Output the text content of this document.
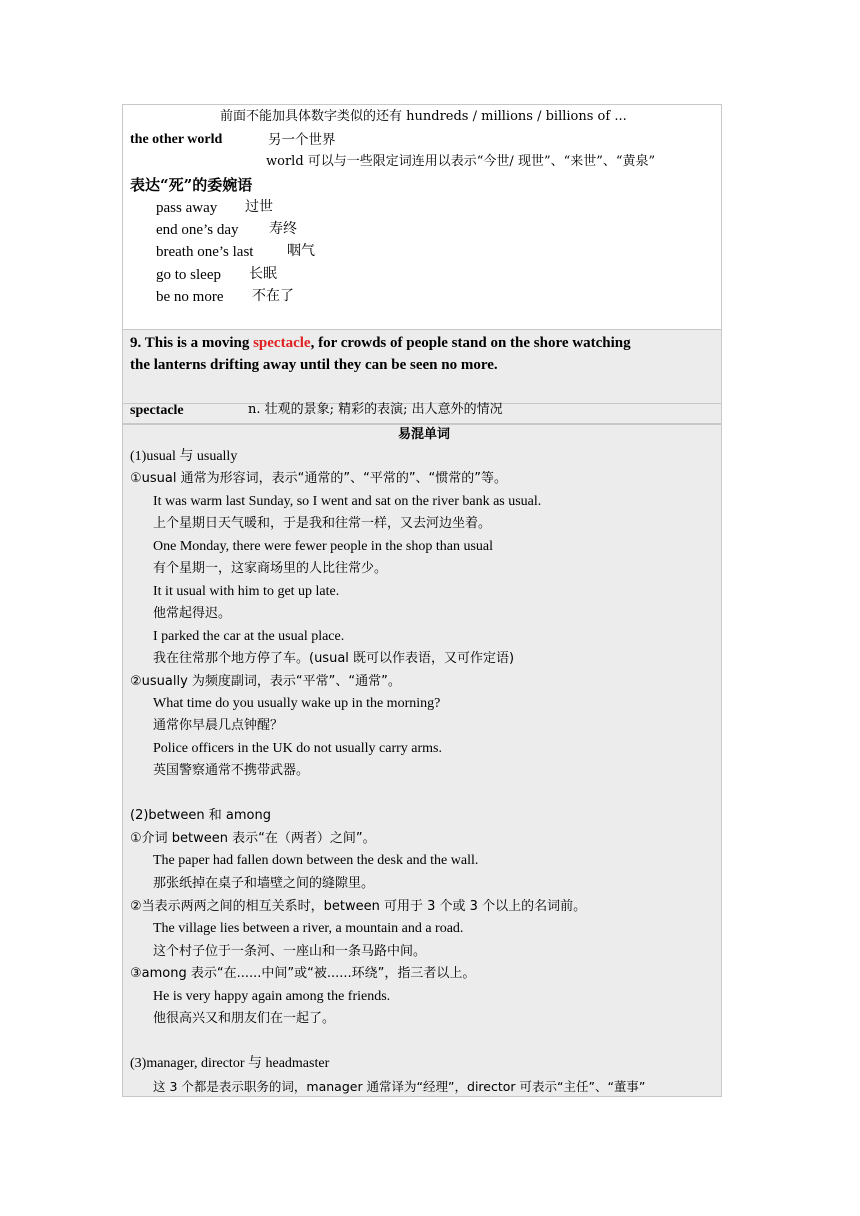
前面不能加具体数字类似的还有 hundreds / millions / billions of ...
the other world	另一个世界
world 可以与一些限定词连用以表示“今世/ 现世”、“来世”、“黄泉”
表达“死”的委婉语
pass away 过世
end one’s day 寿终
breath one’s last 咽气
go to sleep 长眠
be no more 不在了
9. This is a moving spectacle, for crowds of people stand on the shore watching
the lanterns drifting away until they can be seen no more.
spectacle	n. 壮观的景象; 精彩的表演; 出人意外的情况
易混单词
(1)usual 与 usually
①usual 通常为形容词，表示“通常的”、“平常的”、“惯常的”等。
It was warm last Sunday, so I went and sat on the river bank as usual.
上个星期日天气暖和，于是我和往常一样，又去河边坐着。
One Monday, there were fewer people in the shop than usual
有个星期一，这家商场里的人比往常少。
It it usual with him to get up late.
他常起得迟。
I parked the car at the usual place.
我在往常那个地方停了车。(usual 既可以作表语，又可作定语)
②usually 为频度副词，表示“平常”、“通常”。
What time do you usually wake up in the morning?
通常你早晨几点钟醒？
Police officers in the UK do not usually carry arms.
英国警察通常不携带武器。
(2)between 和 among
①介词 between 表示“在（两者）之间”。
The paper had fallen down between the desk and the wall.
那张纸掉在桌子和墙壁之间的缝隙里。
②当表示两两之间的相互关系时，between 可用于 3 个或 3 个以上的名词前。
The village lies between a river, a mountain and a road.
这个村子位于一条河、一座山和一条马路中间。
③among 表示“在......中间”或“被......环绕”，指三者以上。
He is very happy again among the friends.
他很高兴又和朋友们在一起了。
(3)manager, director 与 headmaster
这 3 个都是表示职务的词，manager 通常译为“经理”，director 可表示“主任”、“董事”
